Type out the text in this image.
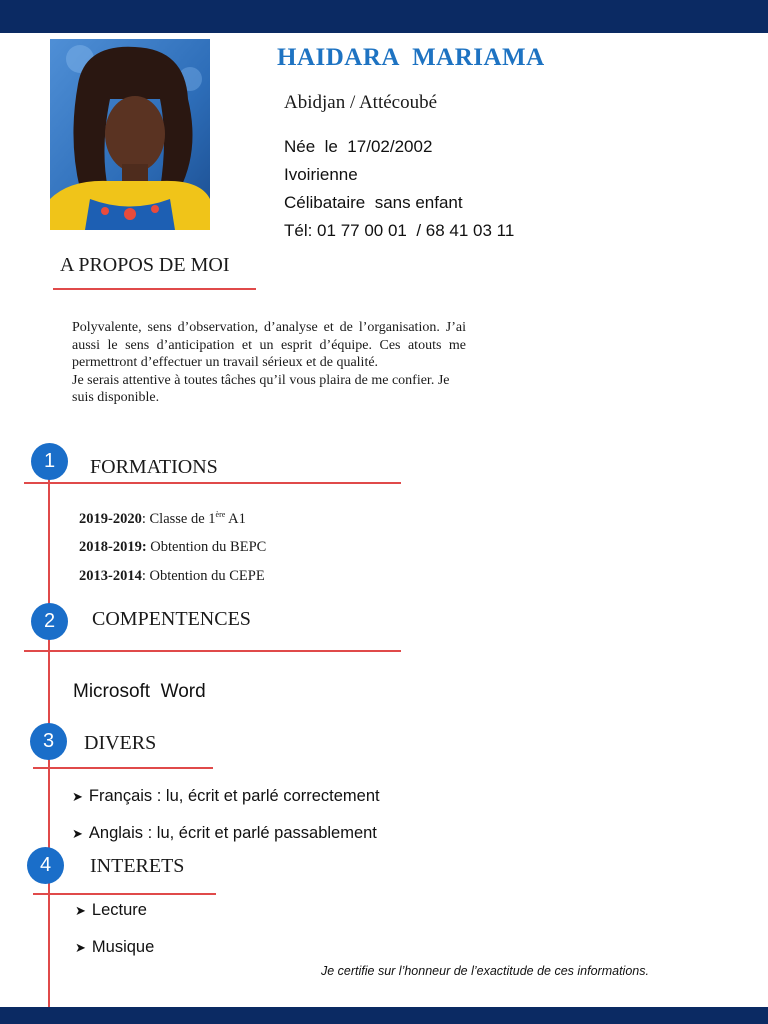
HAIDARA  MARIAMA
Abidjan / Attécoubé
Née  le  17/02/2002
Ivoirienne
Célibataire  sans enfant
Tél: 01 77 00 01  / 68 41 03 11
A PROPOS DE MOI

Polyvalente, sens d’observation, d’analyse et de l’organisation. J’ai aussi le sens d’anticipation et un esprit d’équipe. Ces atouts me permettront d’effectuer un travail sérieux et de qualité.

Je serais attentive à toutes tâches qu’il vous plaira de me confier. Je suis disponible.

1	FORMATIONS
2019-2020: Classe de 1ère A1
2018-2019: Obtention du BEPC
2013-2014: Obtention du CEPE
2	COMPENTENCES
Microsoft  Word
3	DIVERS
➤ Français : lu, écrit et parlé correctement
➤ Anglais : lu, écrit et parlé passablement
4	INTERETS
➤ Lecture
➤ Musique
Je certifie sur l’honneur de l’exactitude de ces informations.
